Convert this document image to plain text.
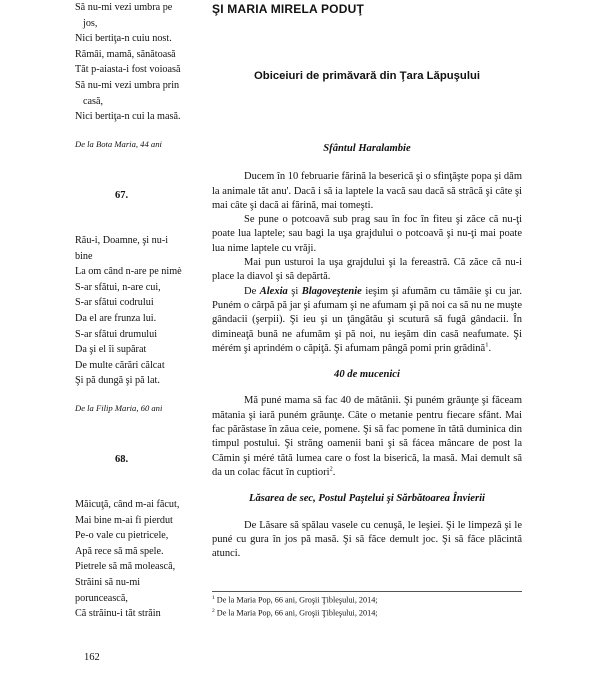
ŞI MARIA MIRELA PODUŢ
Obiceiuri de primăvară din Ţara Lăpuşului
Să nu-mi vezi umbra pe
jos,
Nici bertiţa-n cuiu nost.
Rămâi, mamă, sănătoasă
Tăt p-aiasta-i fost voioasă
Să nu-mi vezi umbra prin
casă,
Nici bertiţa-n cui la masă.
De la Bota Maria, 44 ani
67.
Rău-i, Doamne, şi nu-i
bine
La om când n-are pe nimè
S-ar sfătui, n-are cui,
S-ar sfătui codrului
Da el are frunza lui.
S-ar sfătui drumului
Da şi el îi supărat
De multe cărări călcat
Şi pă dungă şi pă lat.
De la Filip Maria, 60 ani
68.
Măicuţă, când m-ai făcut,
Mai bine m-ai fi pierdut
Pe-o vale cu pietricele,
Apă rece să mă spele.
Pietrele să mă moleascâ,
Străini să nu-mi
poruncească,
Că străinu-i tăt străin
Sfântul Haralambie

Ducem în 10 februarie fărină la beserică şi o sfinţăşte popa şi dăm la animale tăt anu'. Dacă i să ia laptele la vacă sau dacă să strâcă şi câte şi mai câte şi dacă ai fărină, mai tomeşti.

Se pune o potcoavă sub prag sau în foc în fiteu şi zăce că nu-ţi poate lua laptele; sau bagi la uşa grajdului o potcoavă şi nu-ţi mai poate lua nime laptele cu vrăji.

Mai pun usturoi la uşa grajdului şi la fereastră. Că zăce că nu-i place la diavol şi să depărtă.

De Alexia şi Blagoveştenie ieşim şi afumăm cu tămâie şi cu jar. Puném o cârpă pă jar şi afumam şi ne afumam şi pă noi ca să nu ne muşte gândacii (şerpii). Şi ieu şi un ţângătău şi scutură să fugă gândacii. În dimineaţă bună ne afumăm şi pă noi, nu ieşăm din casă neafumate. Şi mérém şi aprindém o căpiţă. Şi afumam pângă pomi prin grădină$^1$.

40 de mucenici

Mă puné mama să fac 40 de mătănii. Şi puném grăunţe şi făceam mătania şi iară puném grăunţe. Câte o metanie pentru fiecare sfânt. Mai fac părăstase în zăua ceie, pomene. Şi să fac pomene în tătă duminica din timpul postului. Şi străng oamenii bani şi să fácea mâncare de post la Cămin şi méré tătă lumea care o fost la biserică, la masă. Mai demult să da un colac făcut în cuptiori$^2$.

Lăsarea de sec, Postul Paştelui şi Sărbătoarea Învierii

De Lăsare să spălau vasele cu cenuşă, le leşiei. Şi le limpezâ şi le puné cu gura în jos pă masă. Şi să făce demult joc. Şi să făce plăcintă atunci.

$^1$ De la Maria Pop, 66 ani, Groşii Ţibleşului, 2014;
$^2$ De la Maria Pop, 66 ani, Groşii Ţibleşului, 2014;
162
